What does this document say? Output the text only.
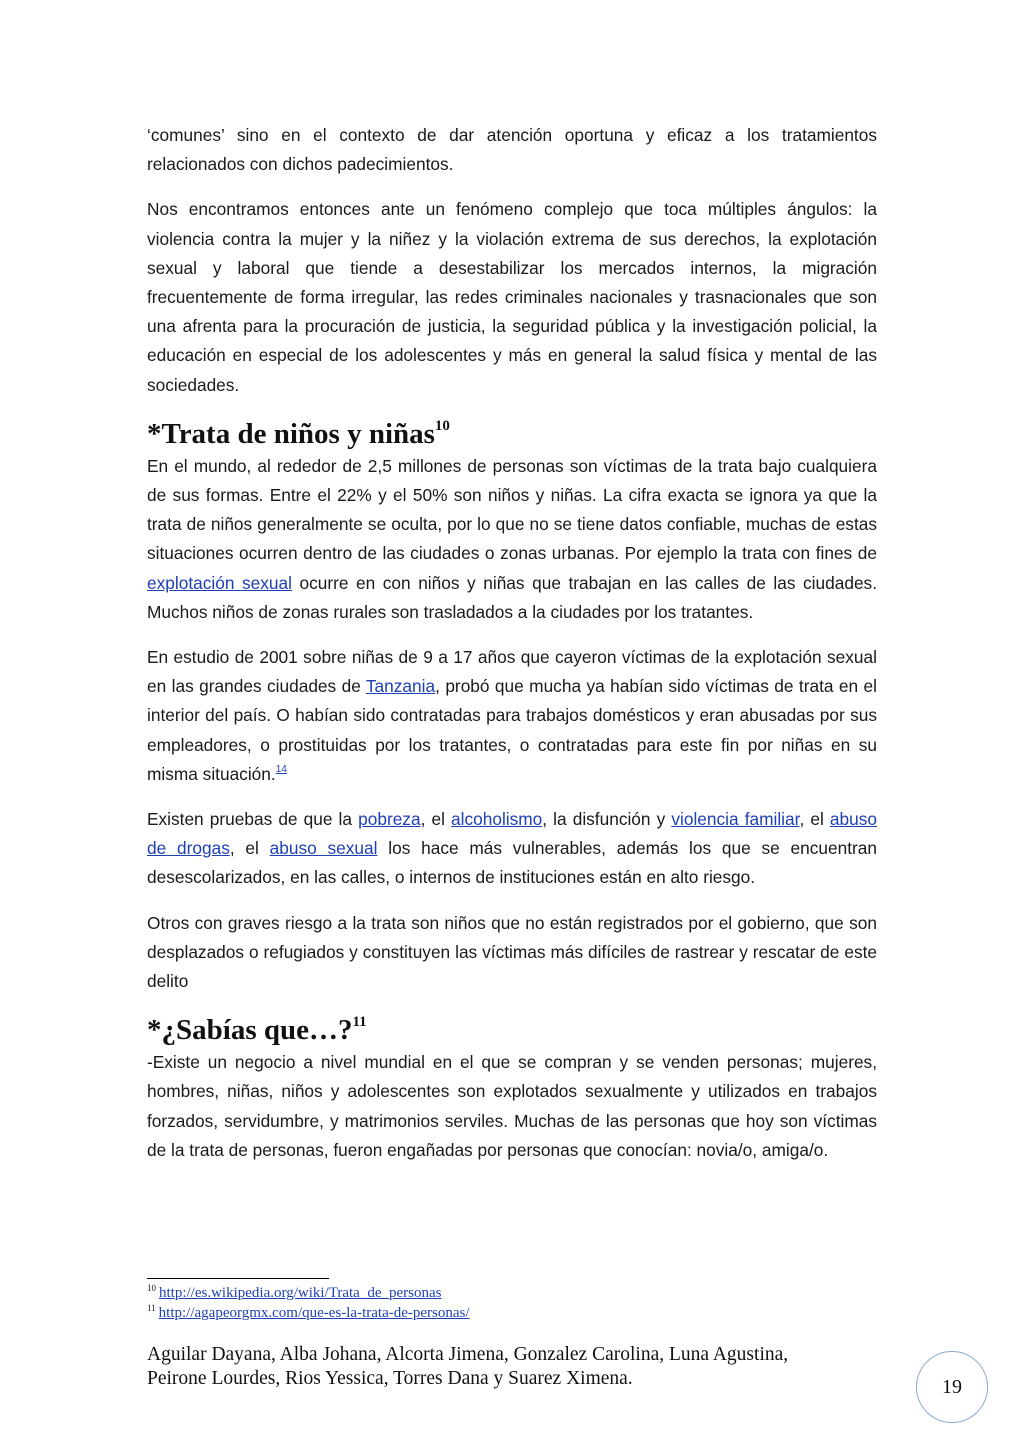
‘comunes’ sino en el contexto de dar atención oportuna y eficaz a los tratamientos relacionados con dichos padecimientos.

Nos encontramos entonces ante un fenómeno complejo que toca múltiples ángulos: la violencia contra la mujer y la niñez y la violación extrema de sus derechos, la explotación sexual y laboral que tiende a desestabilizar los mercados internos, la migración frecuentemente de forma irregular, las redes criminales nacionales y trasnacionales que son una afrenta para la procuración de justicia, la seguridad pública y la investigación policial, la educación en especial de los adolescentes y más en general la salud física y mental de las sociedades.

*Trata de niños y niñas$^{10}$

En el mundo, al rededor de 2,5 millones de personas son víctimas de la trata bajo cualquiera de sus formas. Entre el 22% y el 50% son niños y niñas. La cifra exacta se ignora ya que la trata de niños generalmente se oculta, por lo que no se tiene datos confiable, muchas de estas situaciones ocurren dentro de las ciudades o zonas urbanas. Por ejemplo la trata con fines de explotación sexual ocurre en con niños y niñas que trabajan en las calles de las ciudades. Muchos niños de zonas rurales son trasladados a la ciudades por los tratantes.

En estudio de 2001 sobre niñas de 9 a 17 años que cayeron víctimas de la explotación sexual en las grandes ciudades de Tanzania, probó que mucha ya habían sido víctimas de trata en el interior del país. O habían sido contratadas para trabajos domésticos y eran abusadas por sus empleadores, o prostituidas por los tratantes, o contratadas para este fin por niñas en su misma situación.$^{14}$

Existen pruebas de que la pobreza, el alcoholismo, la disfunción y violencia familiar, el abuso de drogas, el abuso sexual los hace más vulnerables, además los que se encuentran desescolarizados, en las calles, o internos de instituciones están en alto riesgo.

Otros con graves riesgo a la trata son niños que no están registrados por el gobierno, que son desplazados o refugiados y constituyen las víctimas más difíciles de rastrear y rescatar de este delito

*¿Sabías que…?$^{11}$

-Existe un negocio a nivel mundial en el que se compran y se venden personas; mujeres, hombres, niñas, niños y adolescentes son explotados sexualmente y utilizados en trabajos forzados, servidumbre, y matrimonios serviles. Muchas de las personas que hoy son víctimas de la trata de personas, fueron engañadas por personas que conocían: novia/o, amiga/o.

$^{10}$ http://es.wikipedia.org/wiki/Trata_de_personas
$^{11}$ http://agapeorgmx.com/que-es-la-trata-de-personas/
Aguilar Dayana, Alba Johana, Alcorta Jimena, Gonzalez Carolina, Luna Agustina,
Peirone Lourdes, Rios Yessica, Torres Dana y Suarez Ximena.	19
